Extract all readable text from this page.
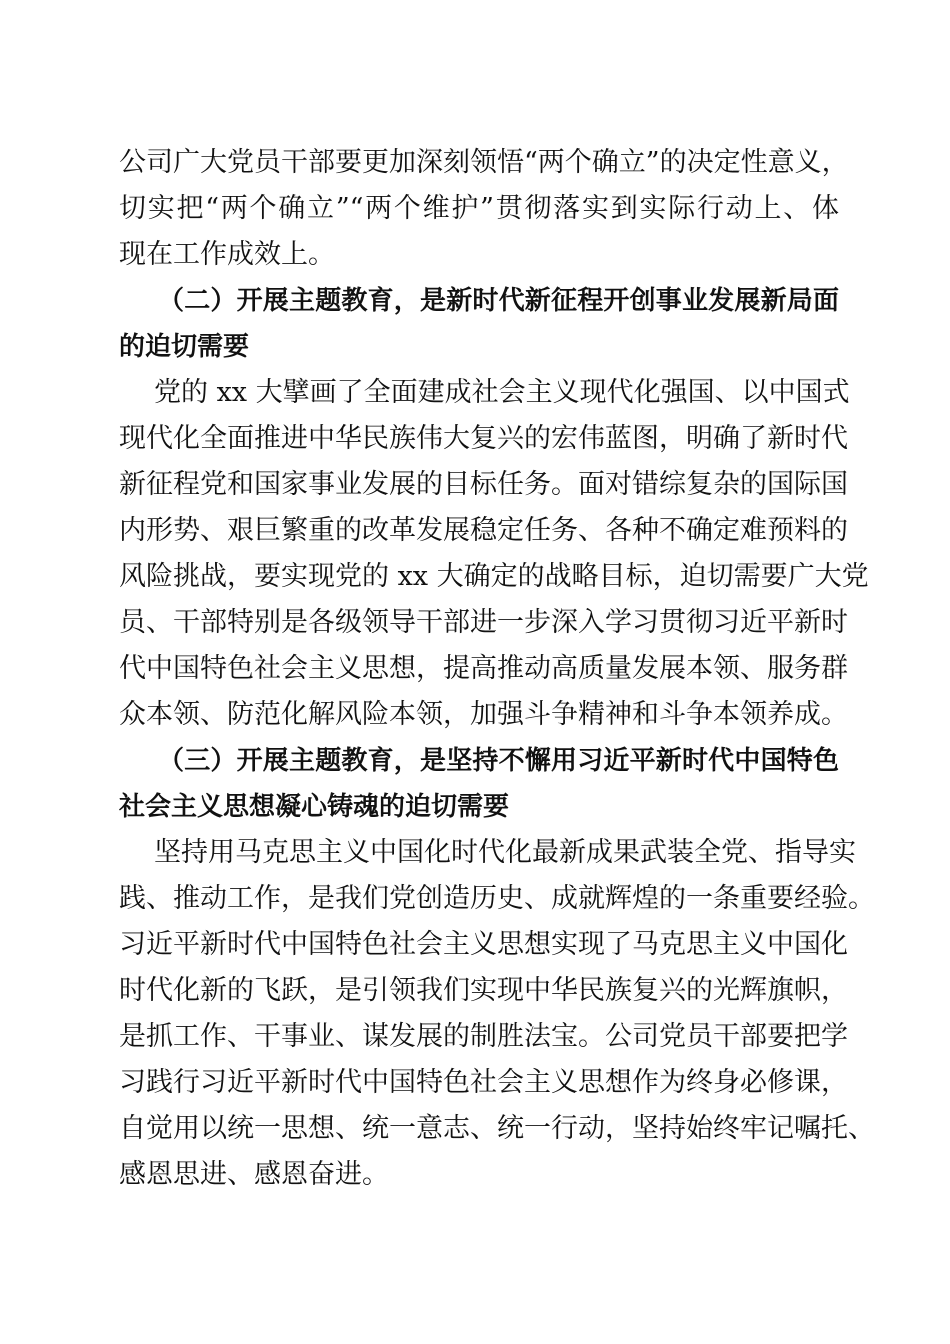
公司广大党员干部要更加深刻领悟“两个确立”的决定性意义，
切实把“两个确立”“两个维护”贯彻落实到实际行动上、体
现在工作成效上。
（二）开展主题教育，是新时代新征程开创事业发展新局面
的迫切需要
党的 xx 大擘画了全面建成社会主义现代化强国、以中国式
现代化全面推进中华民族伟大复兴的宏伟蓝图，明确了新时代
新征程党和国家事业发展的目标任务。面对错综复杂的国际国
内形势、艰巨繁重的改革发展稳定任务、各种不确定难预料的
风险挑战，要实现党的 xx 大确定的战略目标，迫切需要广大党
员、干部特别是各级领导干部进一步深入学习贯彻习近平新时
代中国特色社会主义思想，提高推动高质量发展本领、服务群
众本领、防范化解风险本领，加强斗争精神和斗争本领养成。
（三）开展主题教育，是坚持不懈用习近平新时代中国特色
社会主义思想凝心铸魂的迫切需要
坚持用马克思主义中国化时代化最新成果武装全党、指导实
践、推动工作，是我们党创造历史、成就辉煌的一条重要经验。
习近平新时代中国特色社会主义思想实现了马克思主义中国化
时代化新的飞跃，是引领我们实现中华民族复兴的光辉旗帜，
是抓工作、干事业、谋发展的制胜法宝。公司党员干部要把学
习践行习近平新时代中国特色社会主义思想作为终身必修课，
自觉用以统一思想、统一意志、统一行动，坚持始终牢记嘱托、
感恩思进、感恩奋进。
